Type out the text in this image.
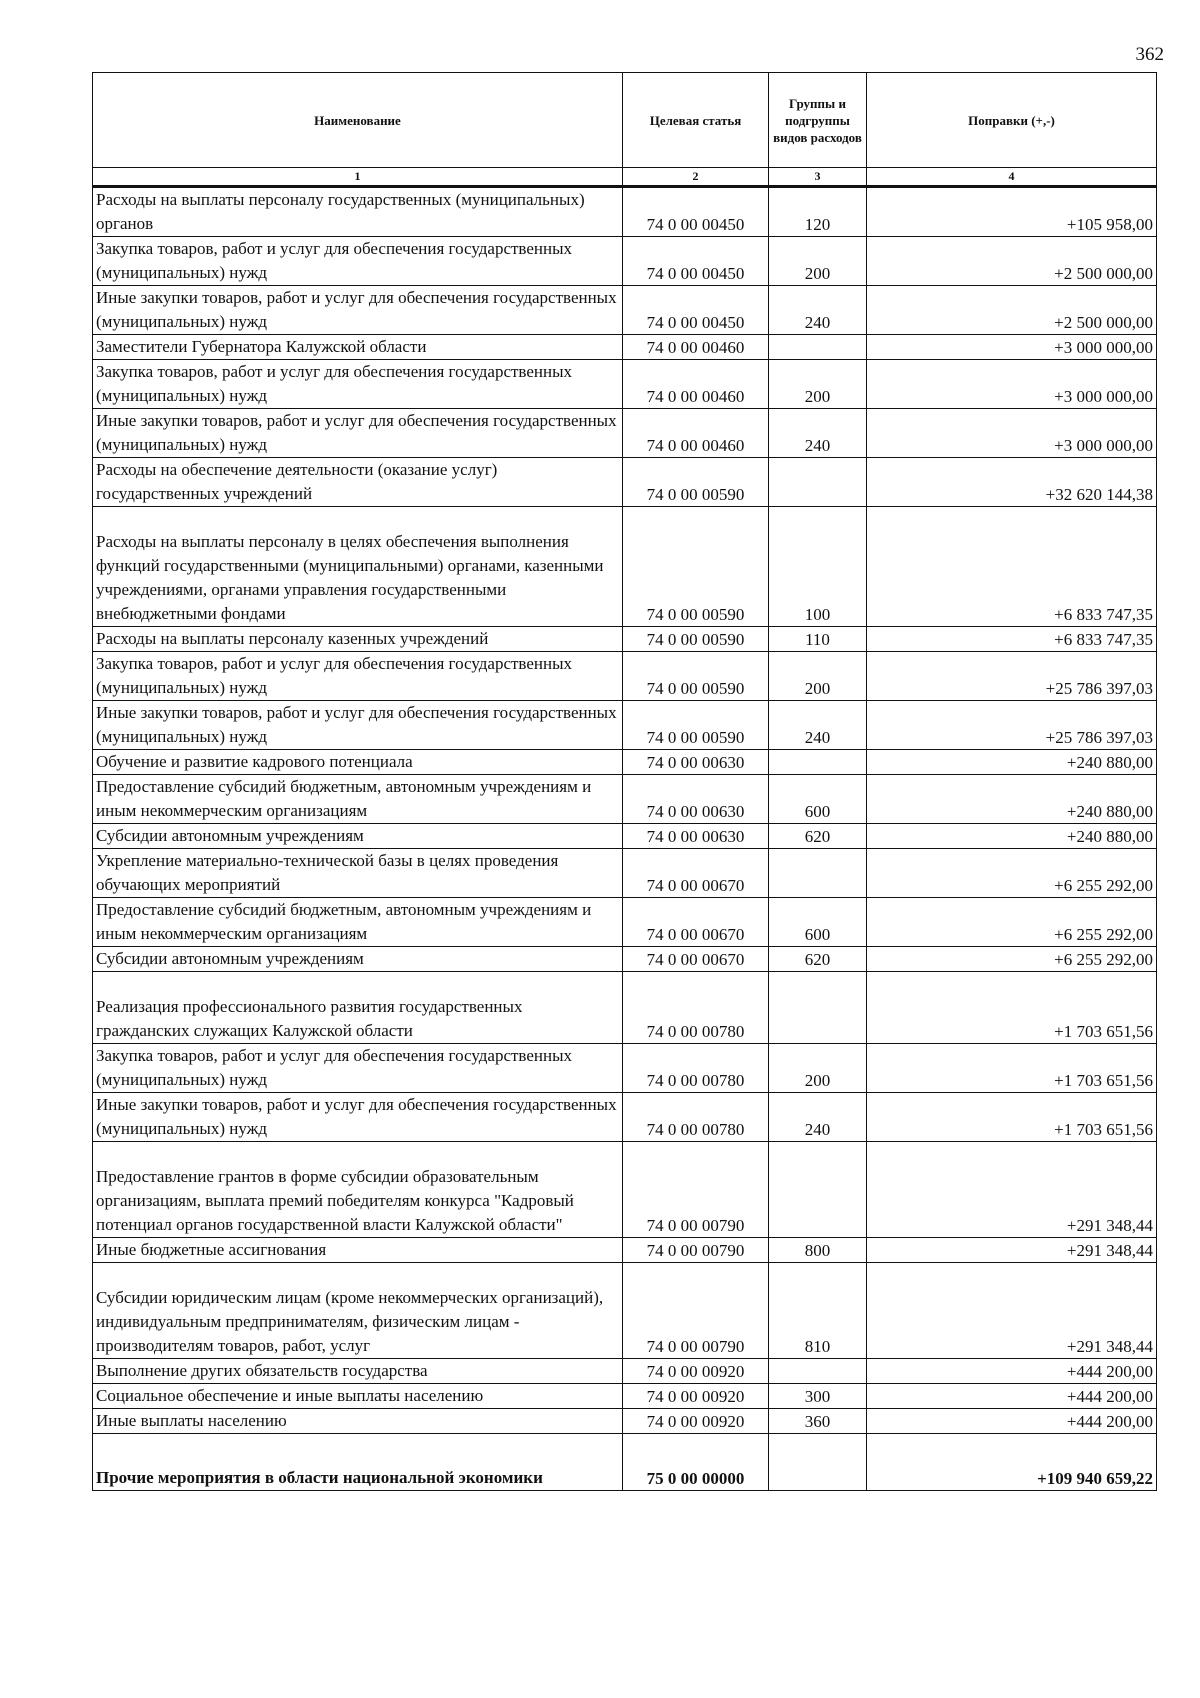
362
Наименование	Целевая статья	Группы и подгруппы видов расходов	Поправки (+,-)
1	2	3	4
Расходы на выплаты персоналу государственных (муниципальных) органов	74 0 00 00450	120	+105 958,00
Закупка товаров, работ и услуг для обеспечения государственных (муниципальных) нужд	74 0 00 00450	200	+2 500 000,00
Иные закупки товаров, работ и услуг для обеспечения государственных (муниципальных) нужд	74 0 00 00450	240	+2 500 000,00
Заместители Губернатора Калужской области	74 0 00 00460		+3 000 000,00
Закупка товаров, работ и услуг для обеспечения государственных (муниципальных) нужд	74 0 00 00460	200	+3 000 000,00
Иные закупки товаров, работ и услуг для обеспечения государственных (муниципальных) нужд	74 0 00 00460	240	+3 000 000,00
Расходы на обеспечение деятельности (оказание услуг) государственных учреждений	74 0 00 00590		+32 620 144,38
Расходы на выплаты персоналу в целях обеспечения выполнения функций государственными (муниципальными) органами, казенными учреждениями, органами управления государственными внебюджетными фондами	74 0 00 00590	100	+6 833 747,35
Расходы на выплаты персоналу казенных учреждений	74 0 00 00590	110	+6 833 747,35
Закупка товаров, работ и услуг для обеспечения государственных (муниципальных) нужд	74 0 00 00590	200	+25 786 397,03
Иные закупки товаров, работ и услуг для обеспечения государственных (муниципальных) нужд	74 0 00 00590	240	+25 786 397,03
Обучение и развитие кадрового потенциала	74 0 00 00630		+240 880,00
Предоставление субсидий бюджетным, автономным учреждениям и иным некоммерческим организациям	74 0 00 00630	600	+240 880,00
Субсидии автономным учреждениям	74 0 00 00630	620	+240 880,00
Укрепление материально-технической базы в целях проведения обучающих мероприятий	74 0 00 00670		+6 255 292,00
Предоставление субсидий бюджетным, автономным учреждениям и иным некоммерческим организациям	74 0 00 00670	600	+6 255 292,00
Субсидии автономным учреждениям	74 0 00 00670	620	+6 255 292,00
Реализация профессионального развития государственных гражданских служащих Калужской области	74 0 00 00780		+1 703 651,56
Закупка товаров, работ и услуг для обеспечения государственных (муниципальных) нужд	74 0 00 00780	200	+1 703 651,56
Иные закупки товаров, работ и услуг для обеспечения государственных (муниципальных) нужд	74 0 00 00780	240	+1 703 651,56
Предоставление грантов в форме субсидии образовательным организациям, выплата премий победителям конкурса "Кадровый потенциал органов государственной власти Калужской области"	74 0 00 00790		+291 348,44
Иные бюджетные ассигнования	74 0 00 00790	800	+291 348,44
Субсидии юридическим лицам (кроме некоммерческих организаций), индивидуальным предпринимателям, физическим лицам - производителям товаров, работ, услуг	74 0 00 00790	810	+291 348,44
Выполнение других обязательств государства	74 0 00 00920		+444 200,00
Социальное обеспечение и иные выплаты населению	74 0 00 00920	300	+444 200,00
Иные выплаты населению	74 0 00 00920	360	+444 200,00
Прочие мероприятия в области национальной экономики	75 0 00 00000		+109 940 659,22
